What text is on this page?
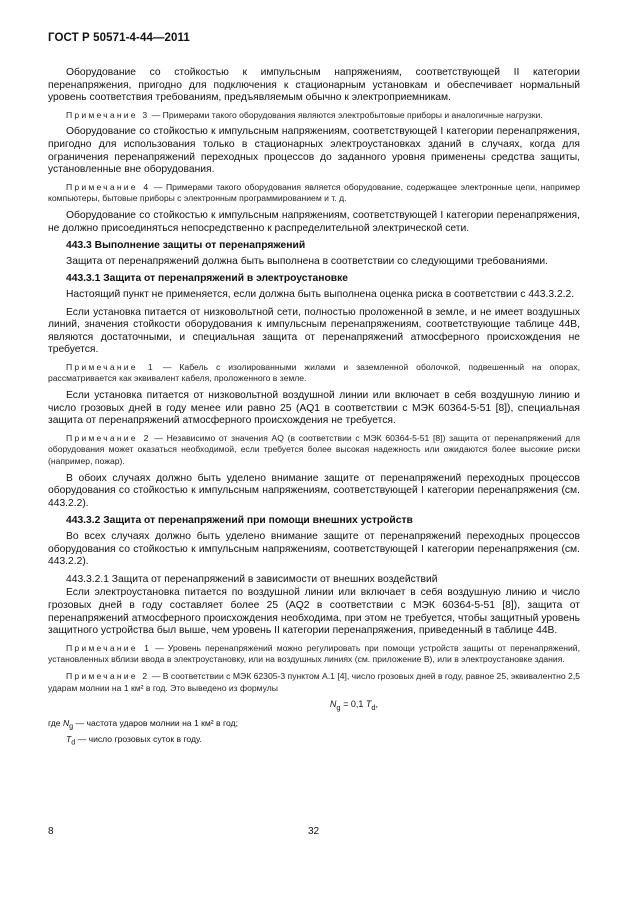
ГОСТ Р 50571-4-44—2011

Оборудование со стойкостью к импульсным напряжениям, соответствующей II категории перенапряжения, пригодно для подключения к стационарным установкам и обеспечивает нормальный уровень соответствия требованиям, предъявляемым обычно к электроприемникам.

Примечание 3 — Примерами такого оборудования являются электробытовые приборы и аналогичные нагрузки.

Оборудование со стойкостью к импульсным напряжениям, соответствующей I категории перенапряжения, пригодно для использования только в стационарных электроустановках зданий в случаях, когда для ограничения перенапряжений переходных процессов до заданного уровня применены средства защиты, установленные вне оборудования.

Примечание 4 — Примерами такого оборудования является оборудование, содержащее электронные цепи, например компьютеры, бытовые приборы с электронным программированием и т. д.

Оборудование со стойкостью к импульсным напряжениям, соответствующей I категории перенапряжения, не должно присоединяться непосредственно к распределительной электрической сети.

443.3 Выполнение защиты от перенапряжений

Защита от перенапряжений должна быть выполнена в соответствии со следующими требованиями.

443.3.1 Защита от перенапряжений в электроустановке

Настоящий пункт не применяется, если должна быть выполнена оценка риска в соответствии с 443.3.2.2.

Если установка питается от низковольтной сети, полностью проложенной в земле, и не имеет воздушных линий, значения стойкости оборудования к импульсным перенапряжениям, соответствующие таблице 44В, являются достаточными, и специальная защита от перенапряжений атмосферного происхождения не требуется.

Примечание 1 — Кабель с изолированными жилами и заземленной оболочкой, подвешенный на опорах, рассматривается как эквивалент кабеля, проложенного в земле.

Если установка питается от низковольтной воздушной линии или включает в себя воздушную линию и число грозовых дней в году менее или равно 25 (AQ1 в соответствии с МЭК 60364-5-51 [8]), специальная защита от перенапряжений атмосферного происхождения не требуется.

Примечание 2 — Независимо от значения AQ (в соответствии с МЭК 60364-5-51 [8]) защита от перенапряжений для оборудования может оказаться необходимой, если требуется более высокая надежность или ожидаются более высокие риски (например, пожар).

В обоих случаях должно быть уделено внимание защите от перенапряжений переходных процессов оборудования со стойкостью к импульсным напряжениям, соответствующей I категории перенапряжения (см. 443.2.2).

443.3.2 Защита от перенапряжений при помощи внешних устройств

Во всех случаях должно быть уделено внимание защите от перенапряжений переходных процессов оборудования со стойкостью к импульсным напряжениям, соответствующей I категории перенапряжения (см. 443.2.2).

443.3.2.1 Защита от перенапряжений в зависимости от внешних воздействий

Если электроустановка питается по воздушной линии или включает в себя воздушную линию и число грозовых дней в году составляет более 25 (AQ2 в соответствии с МЭК 60364-5-51 [8]), защита от перенапряжений атмосферного происхождения необходима, при этом не требуется, чтобы защитный уровень защитного устройства был выше, чем уровень II категории перенапряжения, приведенный в таблице 44В.

Примечание 1 — Уровень перенапряжений можно регулировать при помощи устройств защиты от перенапряжений, установленных вблизи ввода в электроустановку, или на воздушных линиях (см. приложение В), или в электроустановке здания.

Примечание 2 — В соответствии с МЭК 62305-3 пунктом А.1 [4], число грозовых дней в году, равное 25, эквивалентно 2,5 ударам молнии на 1 км² в год. Это выведено из формулы

$N_g = 0,1$ $T_d$,

где $N_g$ — частота ударов молнии на 1 км² в год;

$T_d$ — число грозовых суток в году.

8	32
